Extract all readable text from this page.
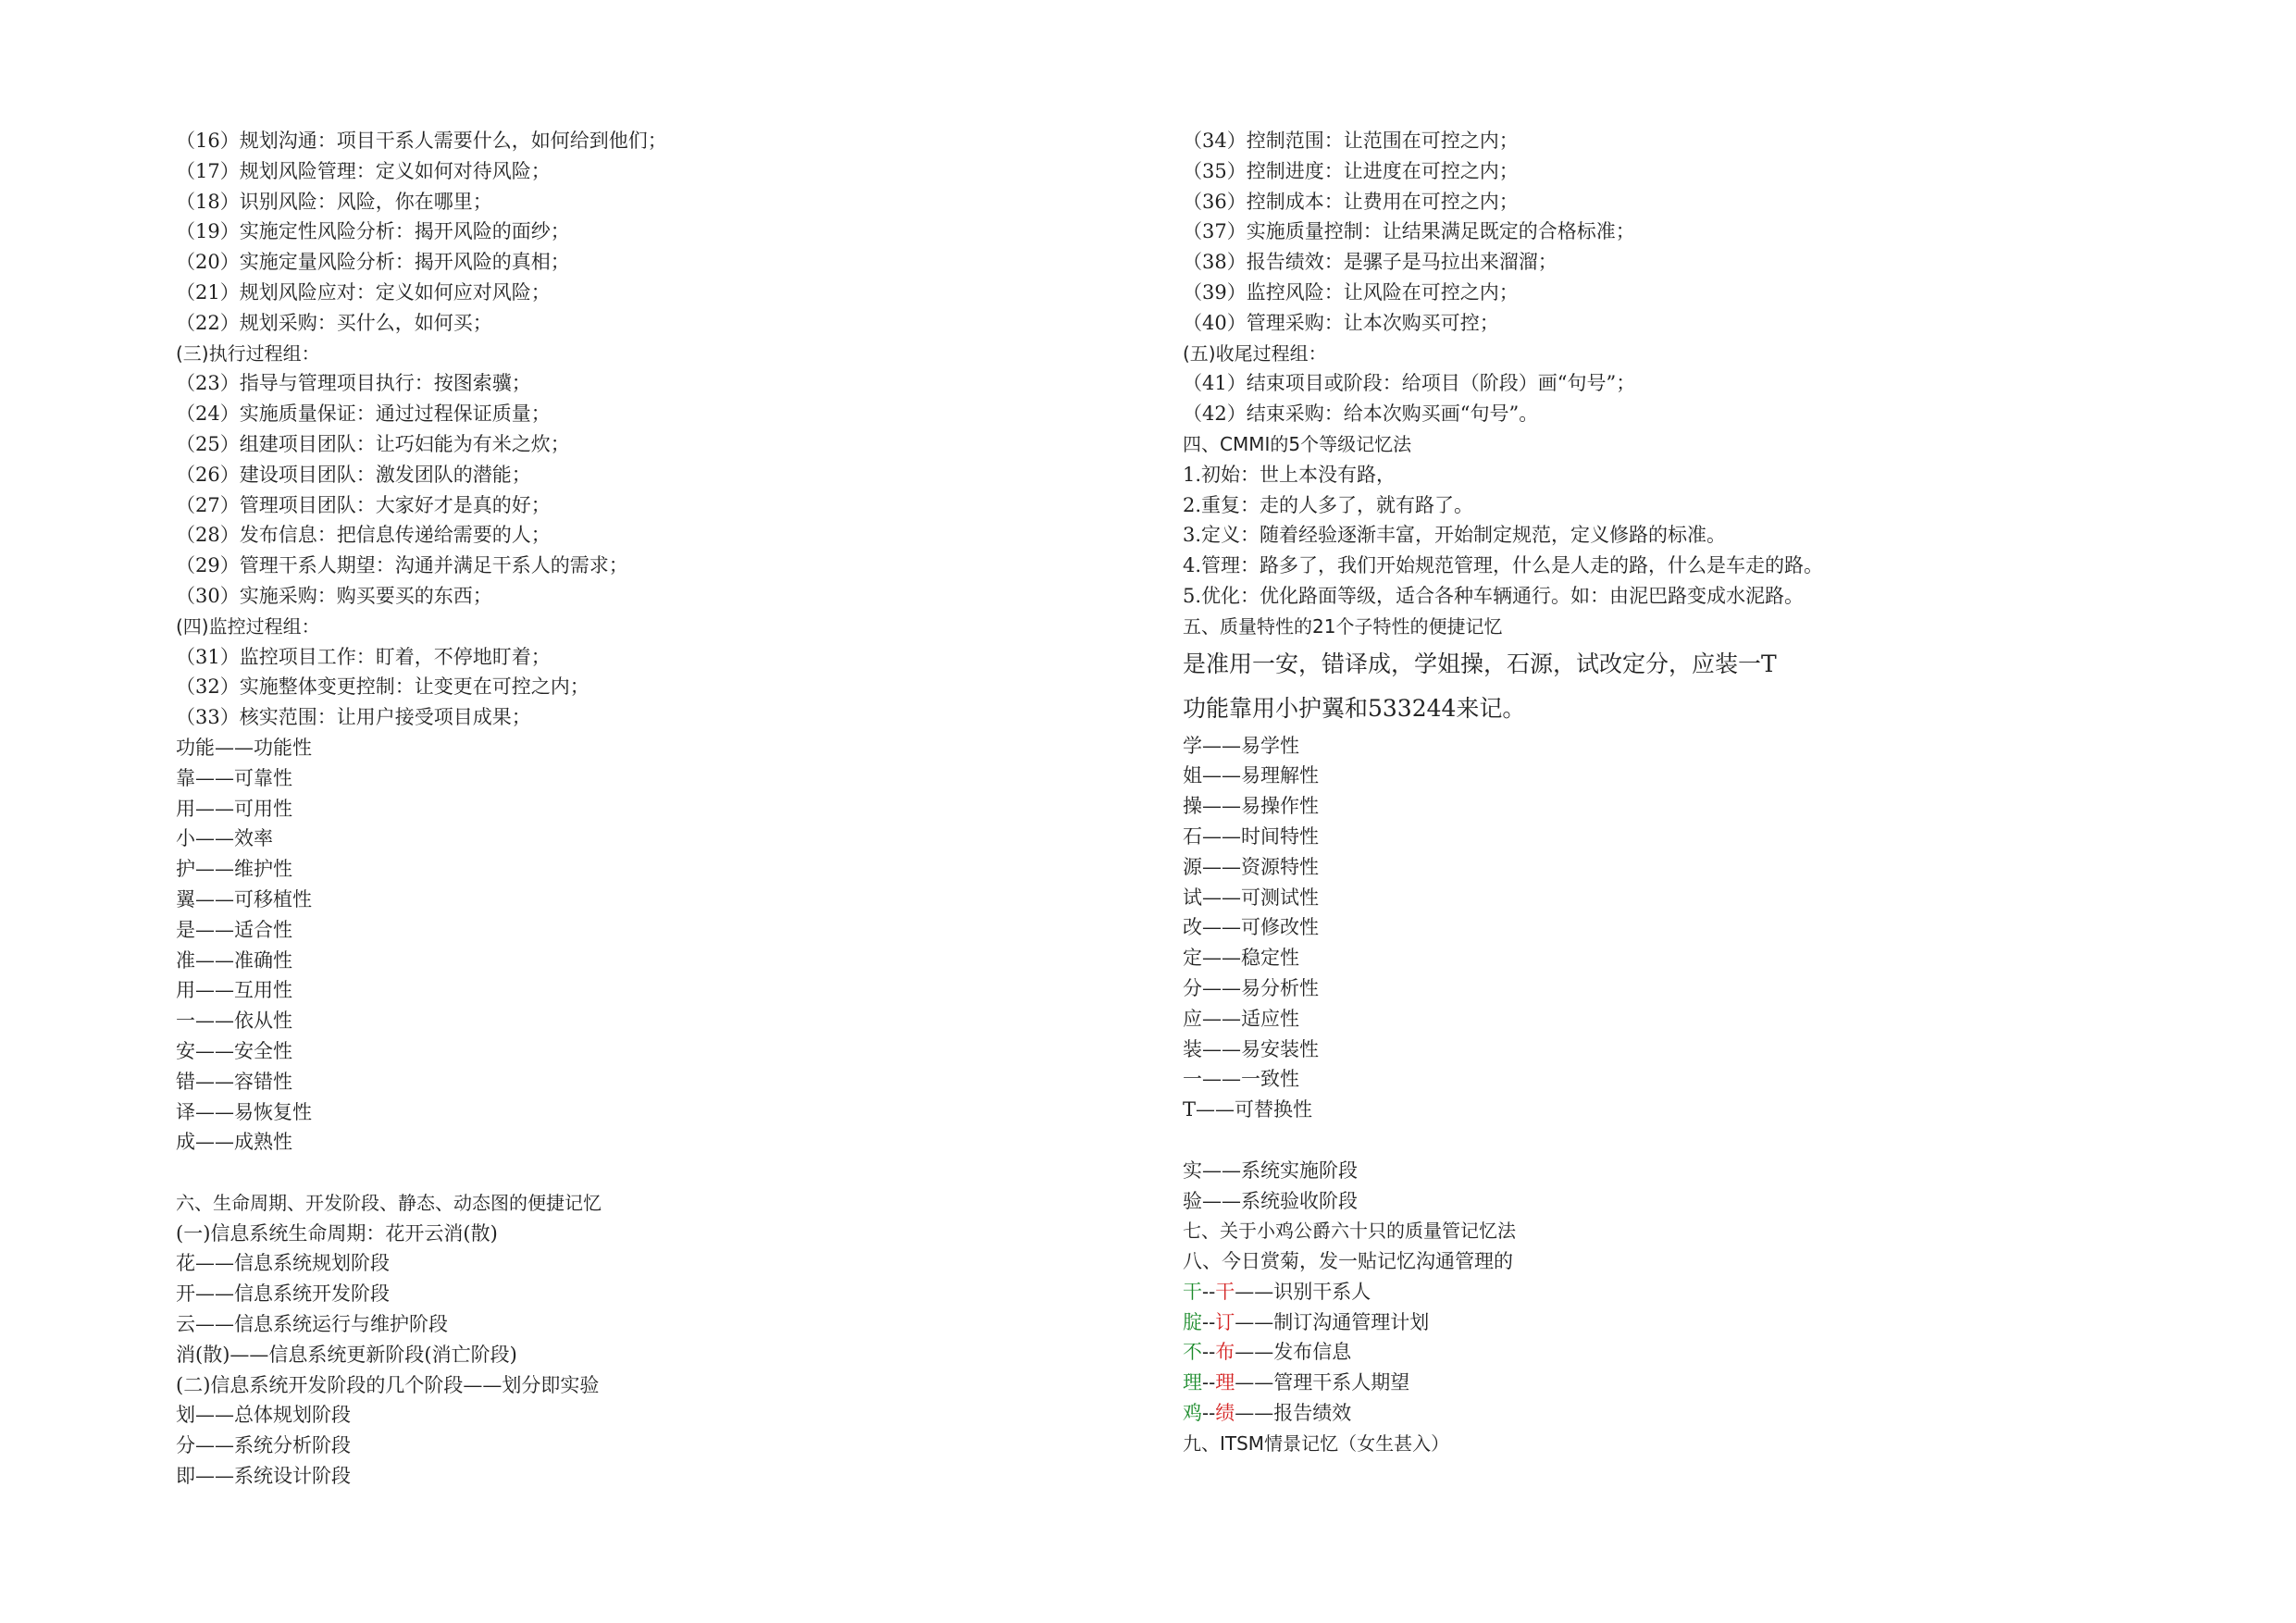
（16）规划沟通：项目干系人需要什么，如何给到他们；
（17）规划风险管理：定义如何对待风险；
（18）识别风险：风险，你在哪里；
（19）实施定性风险分析：揭开风险的面纱；
（20）实施定量风险分析：揭开风险的真相；
（21）规划风险应对：定义如何应对风险；
（22）规划采购：买什么，如何买；
(三)执行过程组：
（23）指导与管理项目执行：按图索骥；
（24）实施质量保证：通过过程保证质量；
（25）组建项目团队：让巧妇能为有米之炊；
（26）建设项目团队：激发团队的潜能；
（27）管理项目团队：大家好才是真的好；
（28）发布信息：把信息传递给需要的人；
（29）管理干系人期望：沟通并满足干系人的需求；
（30）实施采购：购买要买的东西；
(四)监控过程组：
（31）监控项目工作：盯着，不停地盯着；
（32）实施整体变更控制：让变更在可控之内；
（33）核实范围：让用户接受项目成果；
功能——功能性
靠——可靠性
用——可用性
小——效率
护——维护性
翼——可移植性
是——适合性
准——准确性
用——互用性
一——依从性
安——安全性
错——容错性
译——易恢复性
成——成熟性
六、生命周期、开发阶段、静态、动态图的便捷记忆
(一)信息系统生命周期：花开云消(散)
花——信息系统规划阶段
开——信息系统开发阶段
云——信息系统运行与维护阶段
消(散)——信息系统更新阶段(消亡阶段)
(二)信息系统开发阶段的几个阶段——划分即实验
划——总体规划阶段
分——系统分析阶段
即——系统设计阶段
（34）控制范围：让范围在可控之内；
（35）控制进度：让进度在可控之内；
（36）控制成本：让费用在可控之内；
（37）实施质量控制：让结果满足既定的合格标准；
（38）报告绩效：是骡子是马拉出来溜溜；
（39）监控风险：让风险在可控之内；
（40）管理采购：让本次购买可控；
(五)收尾过程组：
（41）结束项目或阶段：给项目（阶段）画“句号”；
（42）结束采购：给本次购买画“句号”。
四、CMMI的5个等级记忆法
1.初始：世上本没有路，
2.重复：走的人多了，就有路了。
3.定义：随着经验逐渐丰富，开始制定规范，定义修路的标准。
4.管理：路多了，我们开始规范管理，什么是人走的路，什么是车走的路。
5.优化：优化路面等级，适合各种车辆通行。如：由泥巴路变成水泥路。
五、质量特性的21个子特性的便捷记忆
是准用一安，错译成，学姐操，石源，试改定分，应装一T
功能靠用小护翼和533244来记。
学——易学性
姐——易理解性
操——易操作性
石——时间特性
源——资源特性
试——可测试性
改——可修改性
定——稳定性
分——易分析性
应——适应性
装——易安装性
一——一致性
T——可替换性
实——系统实施阶段
验——系统验收阶段
七、关于小鸡公爵六十只的质量管记忆法
八、今日赏菊，发一贴记忆沟通管理的
干--干——识别干系人
腚--订——制订沟通管理计划
不--布——发布信息
理--理——管理干系人期望
鸡--绩——报告绩效
九、ITSM情景记忆（女生甚入）
